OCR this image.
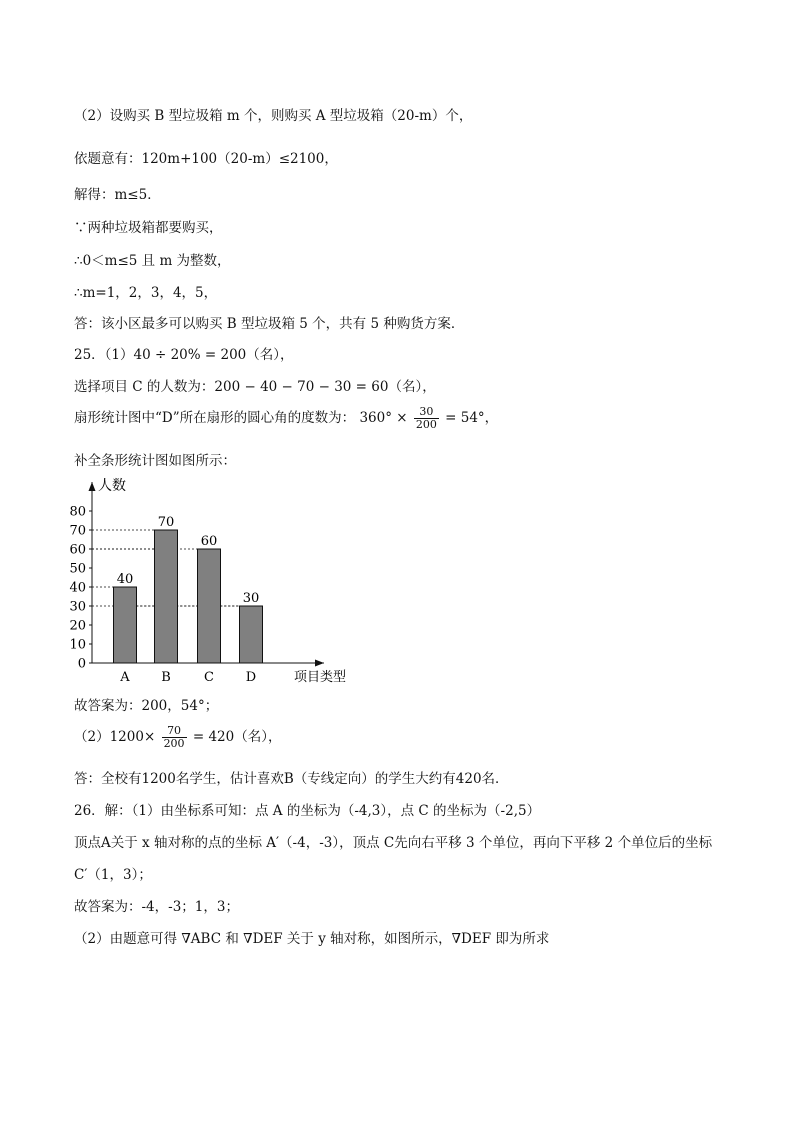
（2）设购买 B 型垃圾箱 m 个，则购买 A 型垃圾箱（20-m）个，
依题意有：120m+100（20-m）≤2100，
解得：m≤5．
∵两种垃圾箱都要购买，
∴0＜m≤5 且 m 为整数，
∴m=1，2，3，4，5，
答：该小区最多可以购买 B 型垃圾箱 5 个，共有 5 种购货方案．
25．（1）40 ÷ 20% = 200（名），
选择项目 C 的人数为：200 − 40 − 70 − 30 = 60（名），
扇形统计图中“D”所在扇形的圆心角的度数为： $360^\circ \times \frac{30}{200} = 54^\circ$，
补全条形统计图如图所示：
0
10
20
30
40
50
60
70
80
40
A
70
B
60
C
30
D
人数
项目类型
故答案为：200，54°；
$(2)1200\times \frac{70}{200} = 420$（名），
答：全校有1200名学生，估计喜欢B（专线定向）的学生大约有420名．
26．解：（1）由坐标系可知：点 A 的坐标为（-4,3），点 C 的坐标为（-2,5）
顶点A关于 x 轴对称的点的坐标 A′（-4，-3），顶点 C先向右平移 3 个单位，再向下平移 2 个单位后的坐标
C′（1，3）；
故答案为：-4，-3；1，3；
（2）由题意可得 ∇ABC 和 ∇DEF 关于 y 轴对称，如图所示，∇DEF 即为所求
